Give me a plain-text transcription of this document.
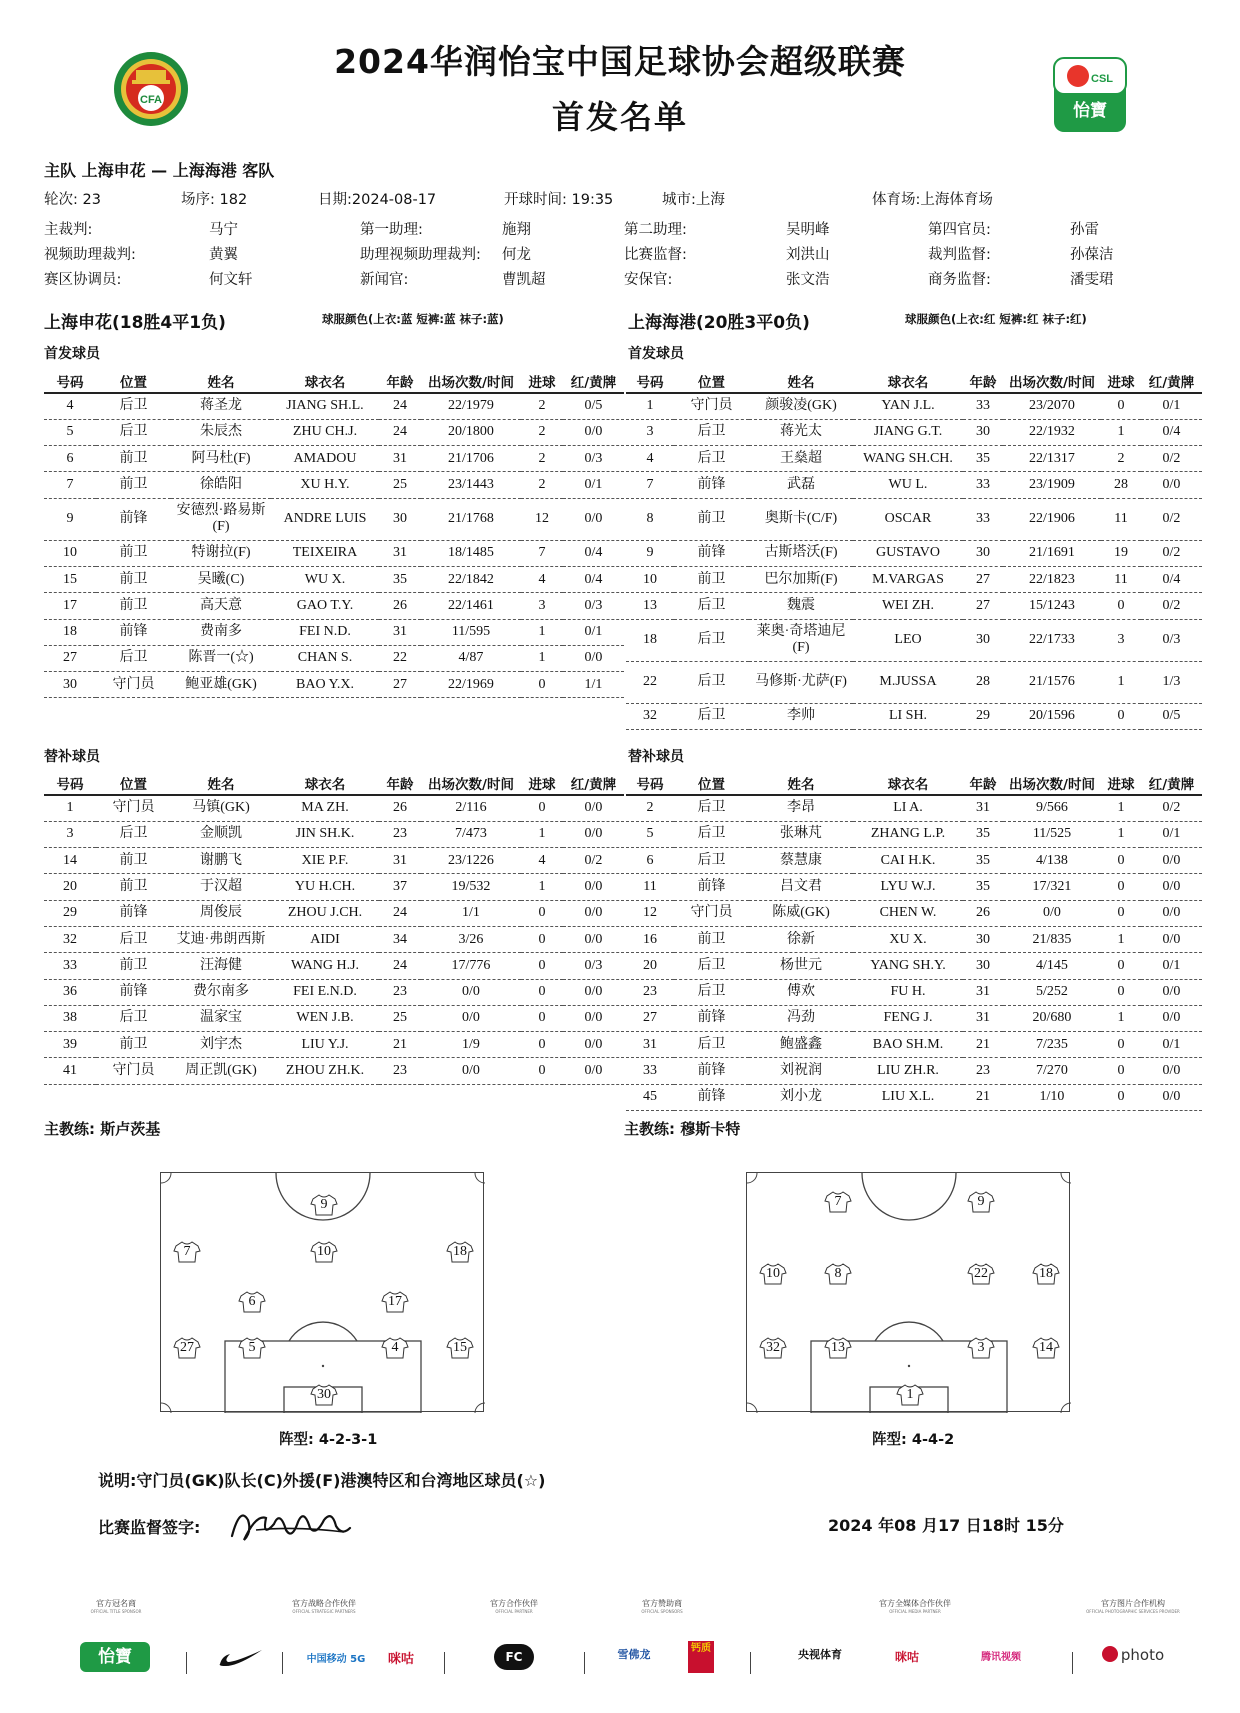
CFA
2024华润怡宝中国足球协会超级联赛
首发名单
CSL
怡寶
主队 上海申花 — 上海海港 客队
轮次: 23	场序: 182	日期:2024-08-17	开球时间: 19:35	城市:上海	体育场:上海体育场
主裁判:	马宁	第一助理:	施翔	第二助理:	吴明峰	第四官员:	孙雷
视频助理裁判:	黄翼	助理视频助理裁判: 何龙	比赛监督:	刘洪山	裁判监督:	孙葆洁
赛区协调员:	何文轩	新闻官:	曹凯超	安保官:	张文浩	商务监督:	潘雯珺
上海申花(18胜4平1负)	球服颜色(上衣:蓝 短裤:蓝 袜子:蓝)	上海海港(20胜3平0负)	球服颜色(上衣:红 短裤:红 袜子:红)
首发球员	首发球员
号码	位置	姓名	球衣名	年龄	出场次数/时间	进球	红/黄牌
4	后卫	蒋圣龙	JIANG SH.L.	24	22/1979	2	0/5
5	后卫	朱辰杰	ZHU CH.J.	24	20/1800	2	0/0
6	前卫	阿马杜(F)	AMADOU	31	21/1706	2	0/3
7	前卫	徐皓阳	XU H.Y.	25	23/1443	2	0/1
9	前锋	安德烈·路易斯(F)	ANDRE LUIS	30	21/1768	12	0/0
10	前卫	特谢拉(F)	TEIXEIRA	31	18/1485	7	0/4
15	前卫	吴曦(C)	WU X.	35	22/1842	4	0/4
17	前卫	高天意	GAO T.Y.	26	22/1461	3	0/3
18	前锋	费南多	FEI N.D.	31	11/595	1	0/1
27	后卫	陈晋一(☆)	CHAN S.	22	4/87	1	0/0
30	守门员	鲍亚雄(GK)	BAO Y.X.	27	22/1969	0	1/1
号码	位置	姓名	球衣名	年龄	出场次数/时间	进球	红/黄牌
1	守门员	颜骏凌(GK)	YAN J.L.	33	23/2070	0	0/1
3	后卫	蒋光太	JIANG G.T.	30	22/1932	1	0/4
4	后卫	王燊超	WANG SH.CH.	35	22/1317	2	0/2
7	前锋	武磊	WU L.	33	23/1909	28	0/0
8	前卫	奥斯卡(C/F)	OSCAR	33	22/1906	11	0/2
9	前锋	古斯塔沃(F)	GUSTAVO	30	21/1691	19	0/2
10	前卫	巴尔加斯(F)	M.VARGAS	27	22/1823	11	0/4
13	后卫	魏震	WEI ZH.	27	15/1243	0	0/2
18	后卫	莱奥·奇塔迪尼(F)	LEO	30	22/1733	3	0/3
22	后卫	马修斯·尤萨(F)	M.JUSSA	28	21/1576	1	1/3
32	后卫	李帅	LI SH.	29	20/1596	0	0/5
替补球员	替补球员
号码	位置	姓名	球衣名	年龄	出场次数/时间	进球	红/黄牌
1	守门员	马镇(GK)	MA ZH.	26	2/116	0	0/0
3	后卫	金顺凯	JIN SH.K.	23	7/473	1	0/0
14	前卫	谢鹏飞	XIE P.F.	31	23/1226	4	0/2
20	前卫	于汉超	YU H.CH.	37	19/532	1	0/0
29	前锋	周俊辰	ZHOU J.CH.	24	1/1	0	0/0
32	后卫	艾迪·弗朗西斯	AIDI	34	3/26	0	0/0
33	前卫	汪海健	WANG H.J.	24	17/776	0	0/3
36	前锋	费尔南多	FEI E.N.D.	23	0/0	0	0/0
38	后卫	温家宝	WEN J.B.	25	0/0	0	0/0
39	前卫	刘宇杰	LIU Y.J.	21	1/9	0	0/0
41	守门员	周正凯(GK)	ZHOU ZH.K.	23	0/0	0	0/0
号码	位置	姓名	球衣名	年龄	出场次数/时间	进球	红/黄牌
2	后卫	李昂	LI A.	31	9/566	1	0/2
5	后卫	张琳芃	ZHANG L.P.	35	11/525	1	0/1
6	后卫	蔡慧康	CAI H.K.	35	4/138	0	0/0
11	前锋	吕文君	LYU W.J.	35	17/321	0	0/0
12	守门员	陈威(GK)	CHEN W.	26	0/0	0	0/0
16	前卫	徐新	XU X.	30	21/835	1	0/0
20	后卫	杨世元	YANG SH.Y.	30	4/145	0	0/1
23	后卫	傅欢	FU H.	31	5/252	0	0/0
27	前锋	冯劲	FENG J.	31	20/680	1	0/0
31	后卫	鲍盛鑫	BAO SH.M.	21	7/235	0	0/1
33	前锋	刘祝润	LIU ZH.R.	23	7/270	0	0/0
45	前锋	刘小龙	LIU X.L.	21	1/10	0	0/0
主教练: 斯卢茨基	主教练: 穆斯卡特
9
7	10	18
6	17
27	5	4	15
30
阵型: 4-2-3-1
7	9
10	8	22	18
32	13	3	14
1
阵型: 4-4-2
说明:守门员(GK)队长(C)外援(F)港澳特区和台湾地区球员(☆)
比赛监督签字:	2024 年08 月17 日18时 15分
官方冠名商
OFFICIAL TITLE SPONSOR
官方战略合作伙伴
OFFICIAL STRATEGIC PARTNERS
官方合作伙伴
OFFICIAL PARTNER
官方赞助商
OFFICIAL SPONSORS
官方全媒体合作伙伴
OFFICIAL MEDIA PARTNER
官方图片合作机构
OFFICIAL PHOTOGRAPHIC SERVICES PROVIDER
怡寶	中国移动 5G	咪咕	FC	雪佛龙	钙质	央视体育	咪咕	腾讯视频	photo
